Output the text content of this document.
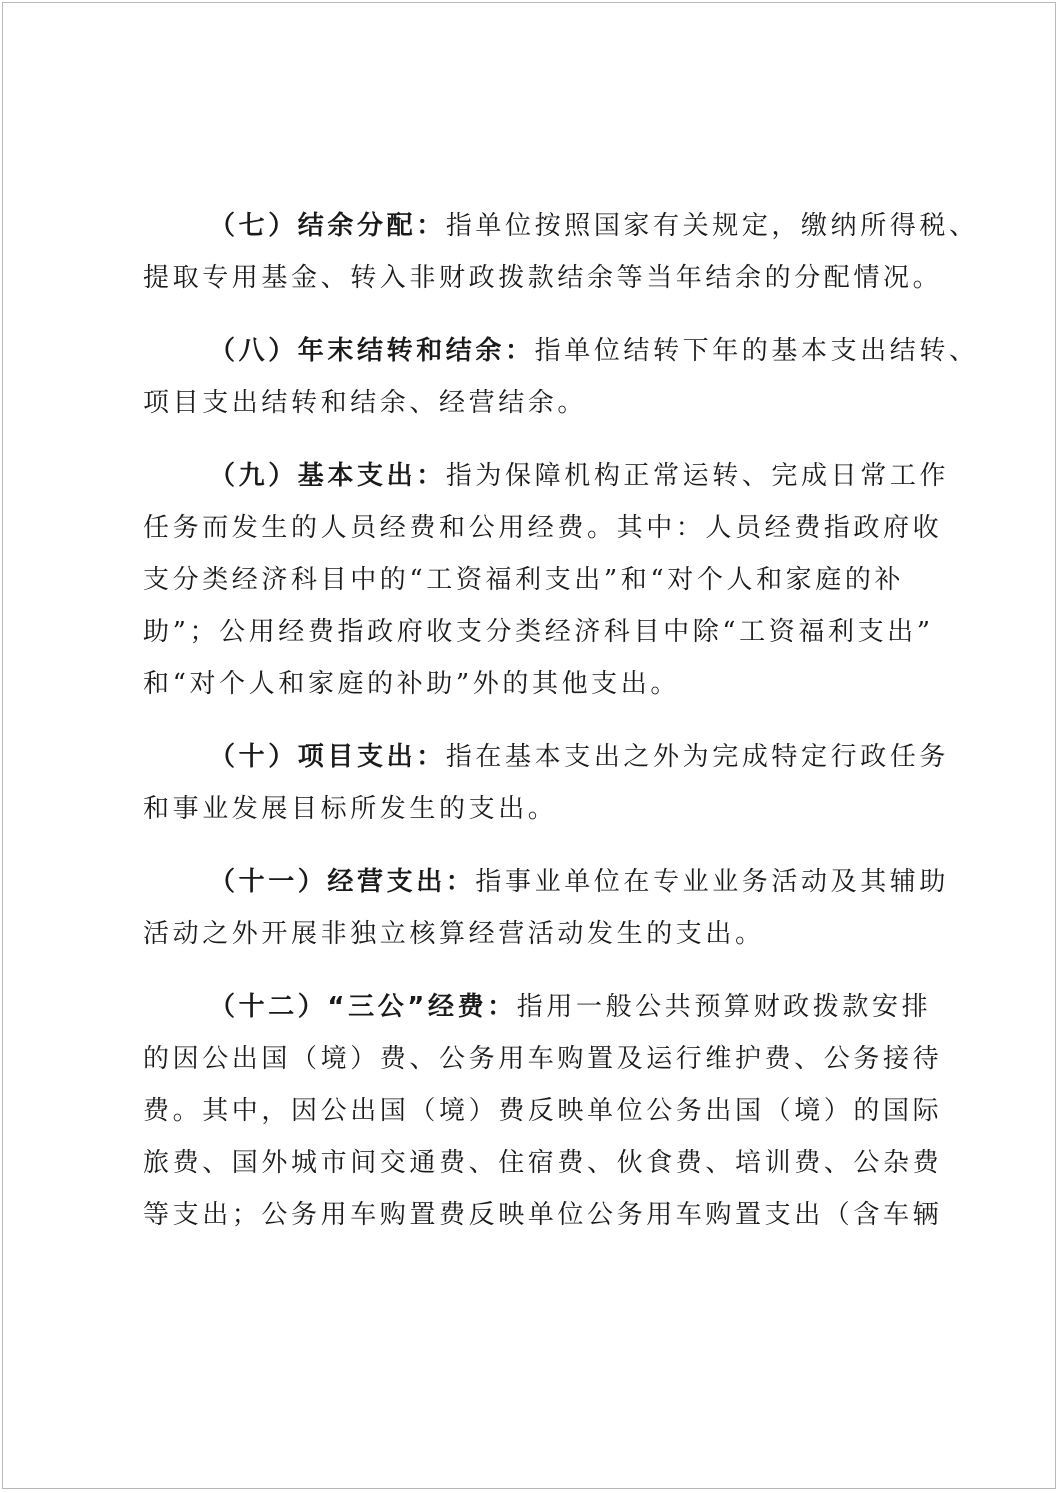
（七）结余分配：指单位按照国家有关规定，缴纳所得税、
提取专用基金、转入非财政拨款结余等当年结余的分配情况。
（八）年末结转和结余：指单位结转下年的基本支出结转、
项目支出结转和结余、经营结余。
（九）基本支出：指为保障机构正常运转、完成日常工作
任务而发生的人员经费和公用经费。其中：人员经费指政府收
支分类经济科目中的“工资福利支出”和“对个人和家庭的补
助”；公用经费指政府收支分类经济科目中除“工资福利支出”
和“对个人和家庭的补助”外的其他支出。
（十）项目支出：指在基本支出之外为完成特定行政任务
和事业发展目标所发生的支出。
（十一）经营支出：指事业单位在专业业务活动及其辅助
活动之外开展非独立核算经营活动发生的支出。
（十二）“三公”经费：指用一般公共预算财政拨款安排
的因公出国（境）费、公务用车购置及运行维护费、公务接待
费。其中，因公出国（境）费反映单位公务出国（境）的国际
旅费、国外城市间交通费、住宿费、伙食费、培训费、公杂费
等支出；公务用车购置费反映单位公务用车购置支出（含车辆
